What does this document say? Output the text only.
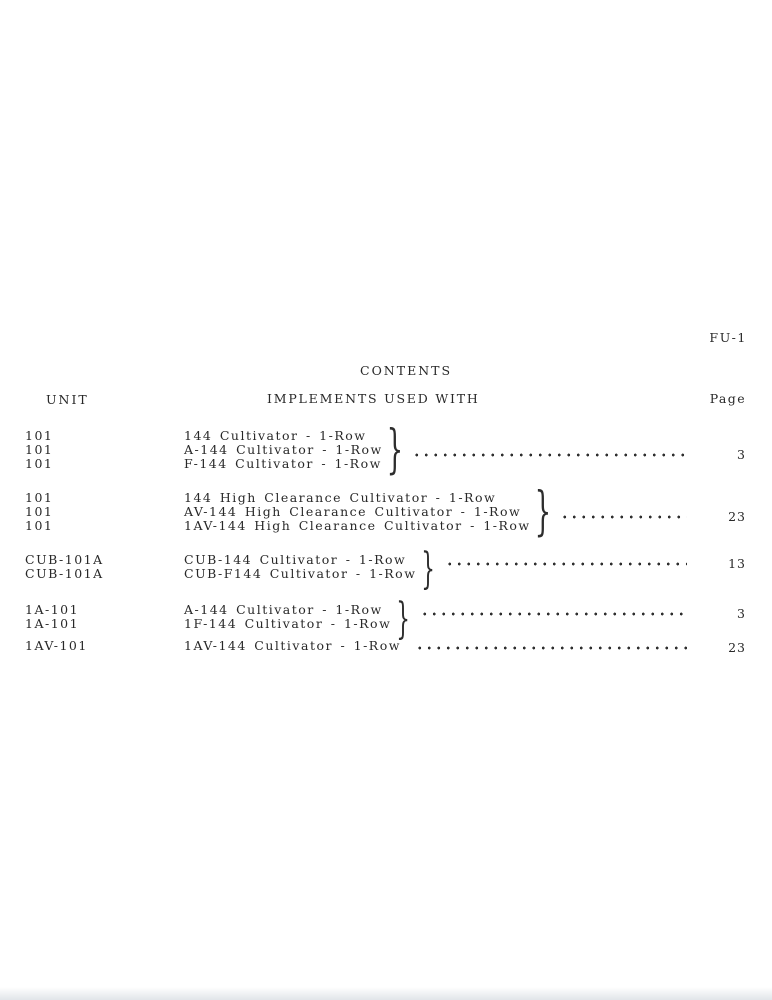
FU-1
CONTENTS
UNIT	IMPLEMENTS USED WITH	Page
101	144 Cultivator - 1-Row
101	A-144 Cultivator - 1-Row
101	F-144 Cultivator - 1-Row }	3
101	144 High Clearance Cultivator - 1-Row
101	AV-144 High Clearance Cultivator - 1-Row
101	1AV-144 High Clearance Cultivator - 1-Row }	23
CUB-101A	CUB-144 Cultivator - 1-Row
CUB-101A	CUB-F144 Cultivator - 1-Row }	13
1A-101	A-144 Cultivator - 1-Row
1A-101	1F-144 Cultivator - 1-Row }	3
1AV-101	1AV-144 Cultivator - 1-Row	23
